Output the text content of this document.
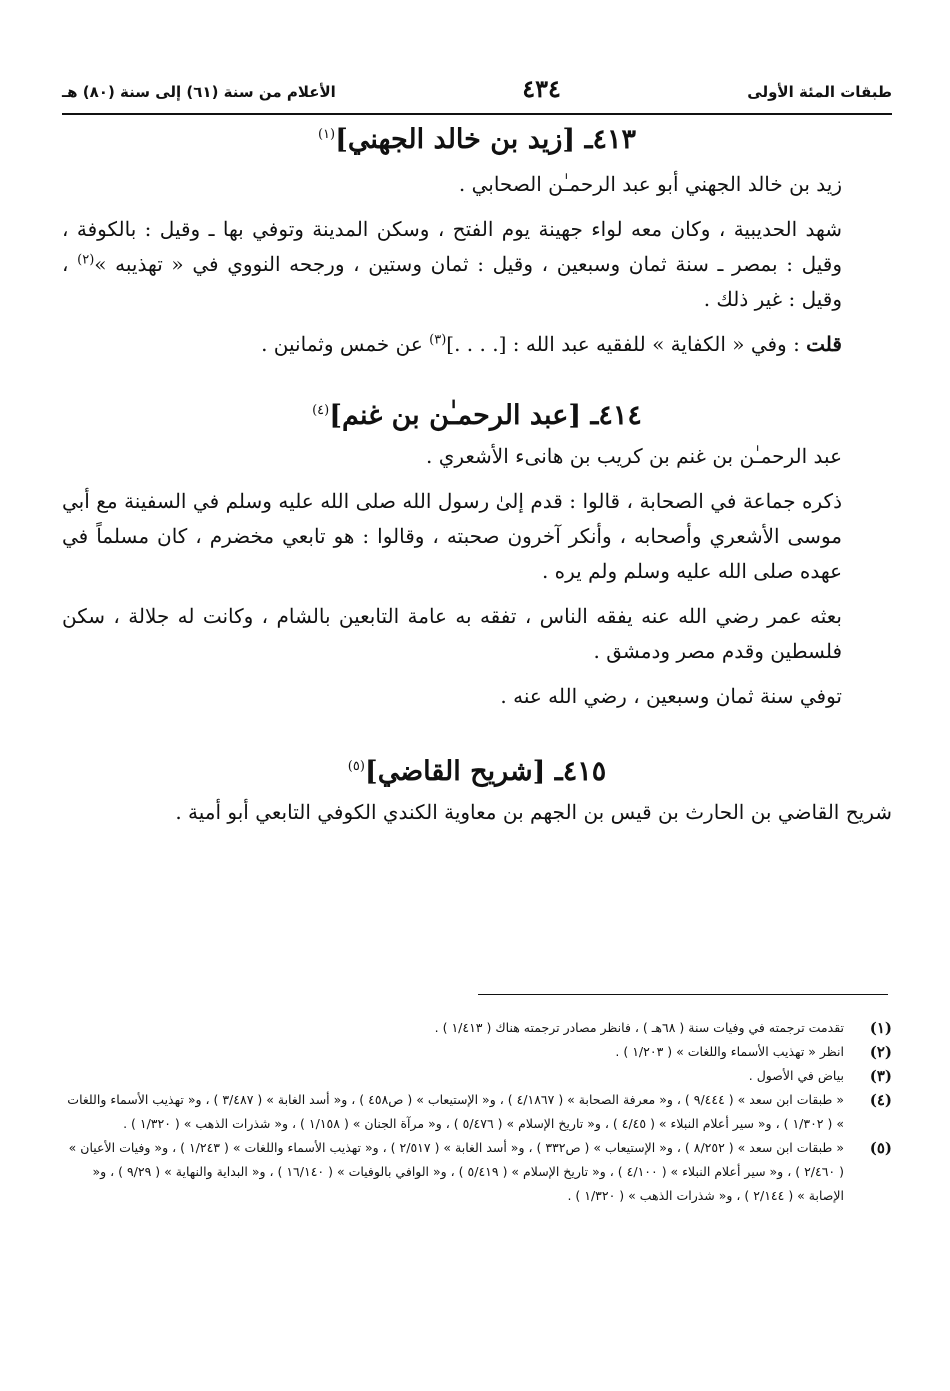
طبقات المئة الأولى
٤٣٤
الأعلام من سنة (٦١) إلى سنة (٨٠) هـ
٤١٣ـ [زيد بن خالد الجهني]$^{(١)}$

زيد بن خالد الجهني أبو عبد الرحمـٰن الصحابي .

شهد الحديبية ، وكان معه لواء جهينة يوم الفتح ، وسكن المدينة وتوفي بها ـ وقيل : بالكوفة ، وقيل : بمصر ـ سنة ثمان وسبعين ، وقيل : ثمان وستين ، ورجحه النووي في « تهذيبه »$^{(٢)}$ ، وقيل : غير ذلك .

قلت : وفي « الكفاية » للفقيه عبد الله : [. . . .]$^{(٣)}$ عن خمس وثمانين .

٤١٤ـ [عبد الرحمـٰن بن غنم]$^{(٤)}$

عبد الرحمـٰن بن غنم بن كريب بن هانىء الأشعري .

ذكره جماعة في الصحابة ، قالوا : قدم إلىٰ رسول الله صلى الله عليه وسلم في السفينة مع أبي موسى الأشعري وأصحابه ، وأنكر آخرون صحبته ، وقالوا : هو تابعي مخضرم ، كان مسلماً في عهده صلى الله عليه وسلم ولم يره .

بعثه عمر رضي الله عنه يفقه الناس ، تفقه به عامة التابعين بالشام ، وكانت له جلالة ، سكن فلسطين وقدم مصر ودمشق .

توفي سنة ثمان وسبعين ، رضي الله عنه .

٤١٥ـ [شريح القاضي]$^{(٥)}$

شريح القاضي بن الحارث بن قيس بن الجهم بن معاوية الكندي الكوفي التابعي أبو أمية .

(١)
تقدمت ترجمته في وفيات سنة ( ٦٨هـ ) ، فانظر مصادر ترجمته هناك ( ١/٤١٣ ) .
(٢)
انظر « تهذيب الأسماء واللغات » ( ١/٢٠٣ ) .
(٣)
بياض في الأصول .
(٤)
« طبقات ابن سعد » ( ٩/٤٤٤ ) ، و« معرفة الصحابة » ( ٤/١٨٦٧ ) ، و« الإستيعاب » ( ص٤٥٨ ) ، و« أسد الغابة » ( ٣/٤٨٧ ) ، و« تهذيب الأسماء واللغات » ( ١/٣٠٢ ) ، و« سير أعلام النبلاء » ( ٤/٤٥ ) ، و« تاريخ الإسلام » ( ٥/٤٧٦ ) ، و« مرآة الجنان » ( ١/١٥٨ ) ، و« شذرات الذهب » ( ١/٣٢٠ ) .
(٥)
« طبقات ابن سعد » ( ٨/٢٥٢ ) ، و« الإستيعاب » ( ص٣٣٢ ) ، و« أسد الغابة » ( ٢/٥١٧ ) ، و« تهذيب الأسماء واللغات » ( ١/٢٤٣ ) ، و« وفيات الأعيان » ( ٢/٤٦٠ ) ، و« سير أعلام النبلاء » ( ٤/١٠٠ ) ، و« تاريخ الإسلام » ( ٥/٤١٩ ) ، و« الوافي بالوفيات » ( ١٦/١٤٠ ) ، و« البداية والنهاية » ( ٩/٢٩ ) ، و« الإصابة » ( ٢/١٤٤ ) ، و« شذرات الذهب » ( ١/٣٢٠ ) .
